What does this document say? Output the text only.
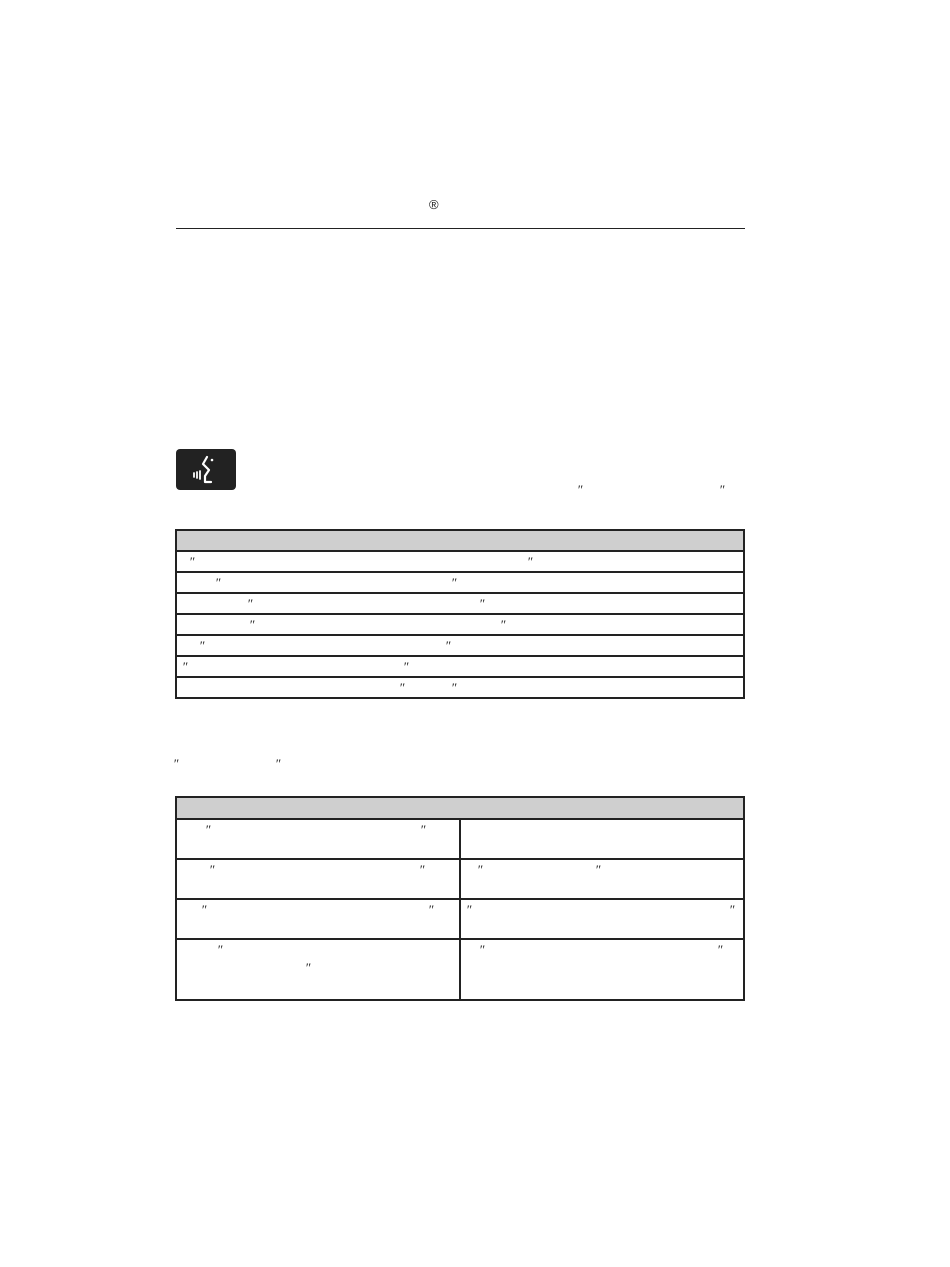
®
″	″

″	″

″	″

″	″

″	″

″	″

″	″

″	″
″	″

″ ″	

″ ″	″ ″

″ ″	″ ″

″
″	″ ″
